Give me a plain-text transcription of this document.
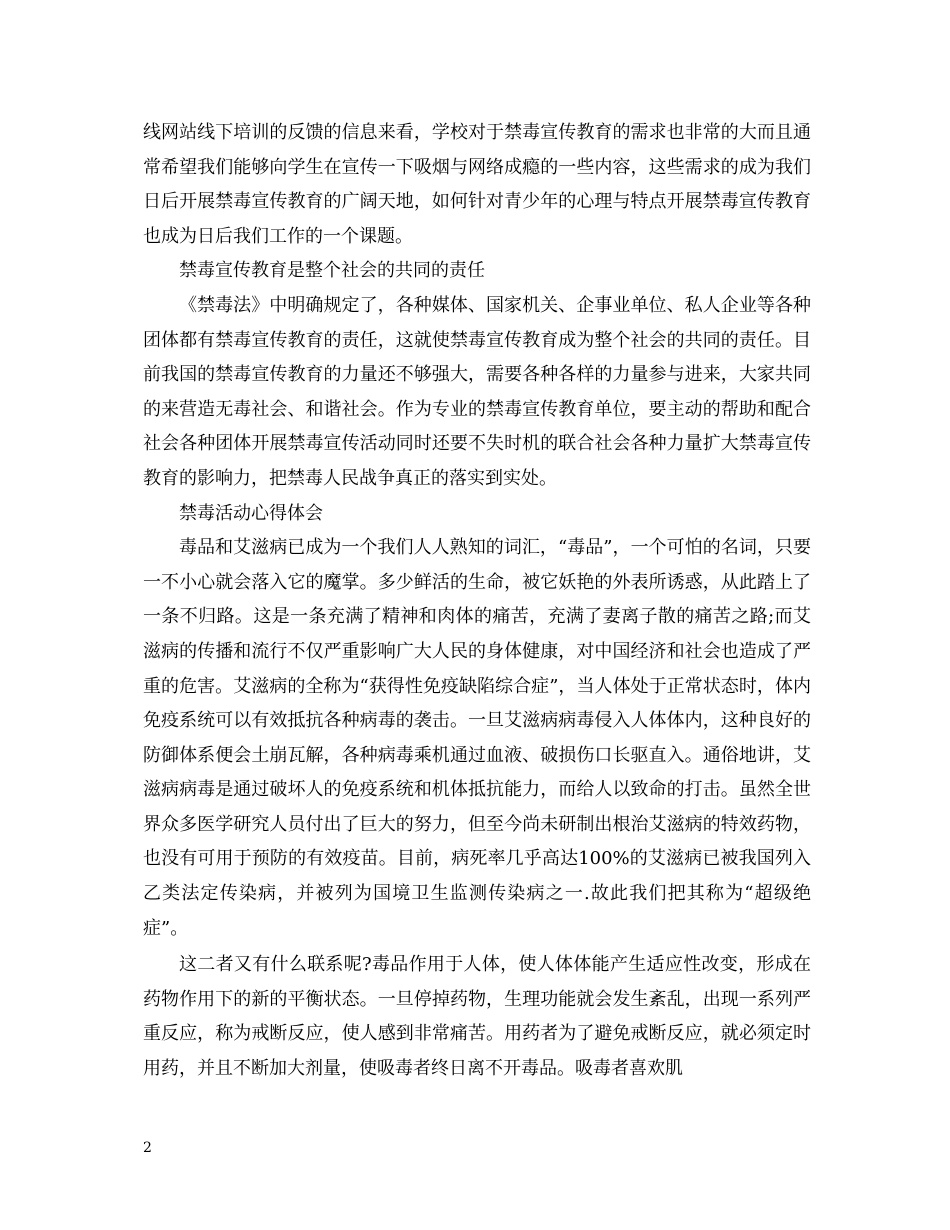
线网站线下培训的反馈的信息来看，学校对于禁毒宣传教育的需求也非常的大而且通常希望我们能够向学生在宣传一下吸烟与网络成瘾的一些内容，这些需求的成为我们日后开展禁毒宣传教育的广阔天地，如何针对青少年的心理与特点开展禁毒宣传教育也成为日后我们工作的一个课题。

禁毒宣传教育是整个社会的共同的责任

《禁毒法》中明确规定了，各种媒体、国家机关、企事业单位、私人企业等各种团体都有禁毒宣传教育的责任，这就使禁毒宣传教育成为整个社会的共同的责任。目前我国的禁毒宣传教育的力量还不够强大，需要各种各样的力量参与进来，大家共同的来营造无毒社会、和谐社会。作为专业的禁毒宣传教育单位，要主动的帮助和配合社会各种团体开展禁毒宣传活动同时还要不失时机的联合社会各种力量扩大禁毒宣传教育的影响力，把禁毒人民战争真正的落实到实处。

禁毒活动心得体会

毒品和艾滋病已成为一个我们人人熟知的词汇，“毒品”，一个可怕的名词，只要一不小心就会落入它的魔掌。多少鲜活的生命，被它妖艳的外表所诱惑，从此踏上了一条不归路。这是一条充满了精神和肉体的痛苦，充满了妻离子散的痛苦之路;而艾滋病的传播和流行不仅严重影响广大人民的身体健康，对中国经济和社会也造成了严重的危害。艾滋病的全称为“获得性免疫缺陷综合症”，当人体处于正常状态时，体内免疫系统可以有效抵抗各种病毒的袭击。一旦艾滋病病毒侵入人体体内，这种良好的防御体系便会土崩瓦解，各种病毒乘机通过血液、破损伤口长驱直入。通俗地讲，艾滋病病毒是通过破坏人的免疫系统和机体抵抗能力，而给人以致命的打击。虽然全世界众多医学研究人员付出了巨大的努力，但至今尚未研制出根治艾滋病的特效药物，也没有可用于预防的有效疫苗。目前，病死率几乎高达100%的艾滋病已被我国列入乙类法定传染病，并被列为国境卫生监测传染病之一.故此我们把其称为“超级绝症”。

这二者又有什么联系呢?毒品作用于人体，使人体体能产生适应性改变，形成在药物作用下的新的平衡状态。一旦停掉药物，生理功能就会发生紊乱，出现一系列严重反应，称为戒断反应，使人感到非常痛苦。用药者为了避免戒断反应，就必须定时用药，并且不断加大剂量，使吸毒者终日离不开毒品。吸毒者喜欢肌

2
